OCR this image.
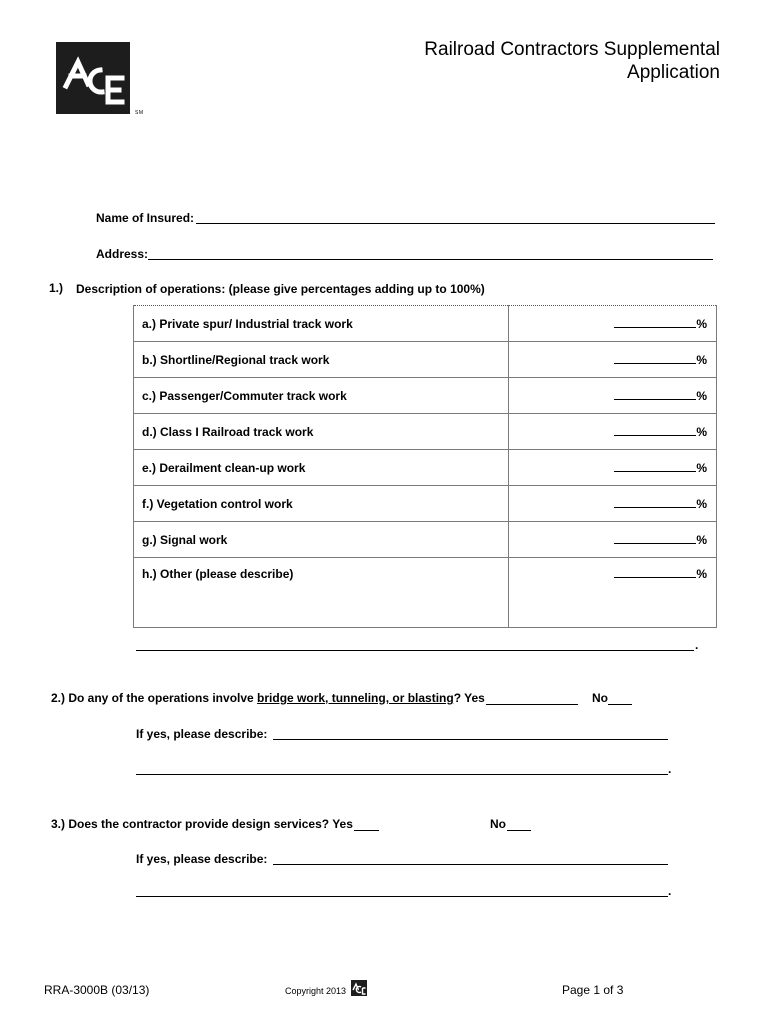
SM
Railroad Contractors Supplemental
Application
Name of Insured:
Address:
1.) Description of operations: (please give percentages adding up to 100%)
a.) Private spur/ Industrial track work	%
b.) Shortline/Regional track work	%
c.) Passenger/Commuter track work	%
d.) Class I Railroad track work	%
e.) Derailment clean-up work	%
f.) Vegetation control work	%
g.) Signal work	%
h.) Other (please describe)	%
.
2.) Do any of the operations involve bridge work, tunneling, or blasting? Yes	No
If yes, please describe:
.
3.) Does the contractor provide design services? Yes	No
If yes, please describe:
.
RRA-3000B (03/13)	Copyright 2013	Page 1 of 3
